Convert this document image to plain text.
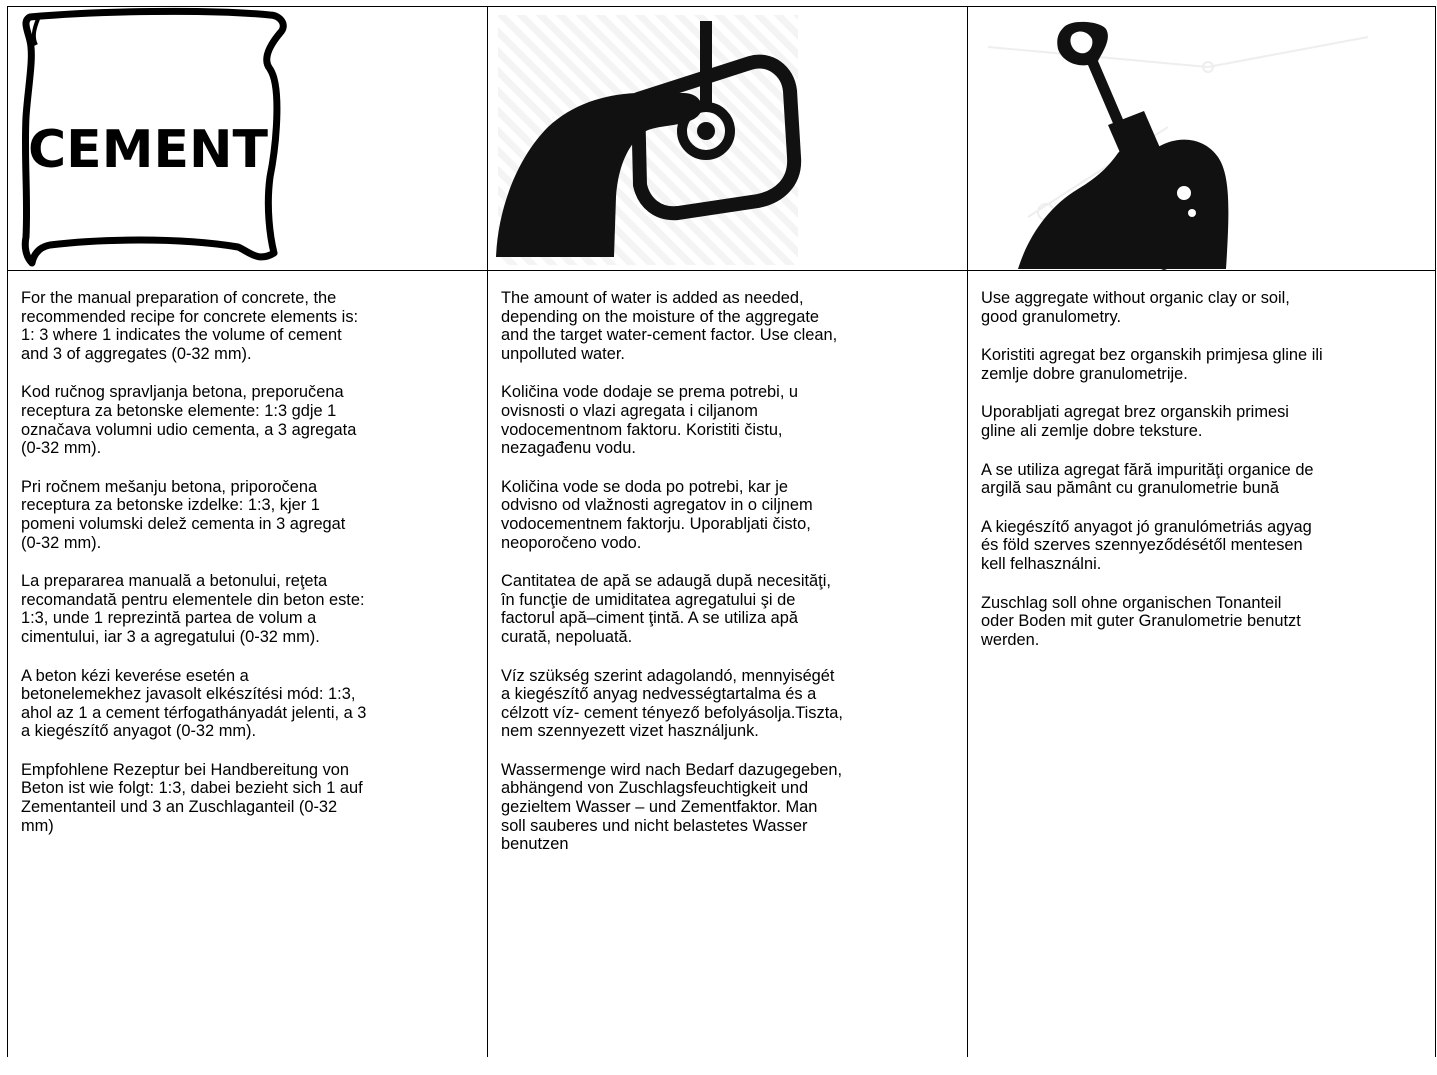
CEMENT

For the manual preparation of concrete, the
recommended recipe for concrete elements is:
1: 3 where 1 indicates the volume of cement
and 3 of aggregates (0-32 mm).

Kod ručnog spravljanja betona, preporučena
receptura za betonske elemente: 1:3 gdje 1
označava volumni udio cementa, a 3 agregata
(0-32 mm).

Pri ročnem mešanju betona, priporočena
receptura za betonske izdelke: 1:3, kjer 1
pomeni volumski delež cementa in 3 agregat
(0-32 mm).

La prepararea manuală a betonului, reţeta
recomandată pentru elementele din beton este:
1:3, unde 1 reprezintă partea de volum a
cimentului, iar 3 a agregatului (0-32 mm).

A beton kézi keverése esetén a
betonelemekhez javasolt elkészítési mód: 1:3,
ahol az 1 a cement térfogathányadát jelenti, a 3
a kiegészítő anyagot (0-32 mm).

Empfohlene Rezeptur bei Handbereitung von
Beton ist wie folgt: 1:3, dabei bezieht sich 1 auf
Zementanteil und 3 an Zuschlaganteil (0-32
mm)

The amount of water is added as needed,
depending on the moisture of the aggregate
and the target water-cement factor. Use clean,
unpolluted water.

Količina vode dodaje se prema potrebi, u
ovisnosti o vlazi agregata i ciljanom
vodocementnom faktoru. Koristiti čistu,
nezagađenu vodu.

Količina vode se doda po potrebi, kar je
odvisno od vlažnosti agregatov in o ciljnem
vodocementnem faktorju. Uporabljati čisto,
neoporočeno vodo.

Cantitatea de apă se adaugă după necesităţi,
în funcţie de umiditatea agregatului şi de
factorul apă–ciment ţintă. A se utiliza apă
curată, nepoluată.

Víz szükség szerint adagolandó, mennyiségét
a kiegészítő anyag nedvességtartalma és a
célzott víz- cement tényező befolyásolja.Tiszta,
nem szennyezett vizet használjunk.

Wassermenge wird nach Bedarf dazugegeben,
abhängend von Zuschlagsfeuchtigkeit und
gezieltem Wasser – und Zementfaktor. Man
soll sauberes und nicht belastetes Wasser
benutzen

Use aggregate without organic clay or soil,
good granulometry.

Koristiti agregat bez organskih primjesa gline ili
zemlje dobre granulometrije.

Uporabljati agregat brez organskih primesi
gline ali zemlje dobre teksture.

A se utiliza agregat fără impurităţi organice de
argilă sau pământ cu granulometrie bună

A kiegészítő anyagot jó granulómetriás agyag
és föld szerves szennyeződésétől mentesen
kell felhasználni.

Zuschlag soll ohne organischen Tonanteil
oder Boden mit guter Granulometrie benutzt
werden.
